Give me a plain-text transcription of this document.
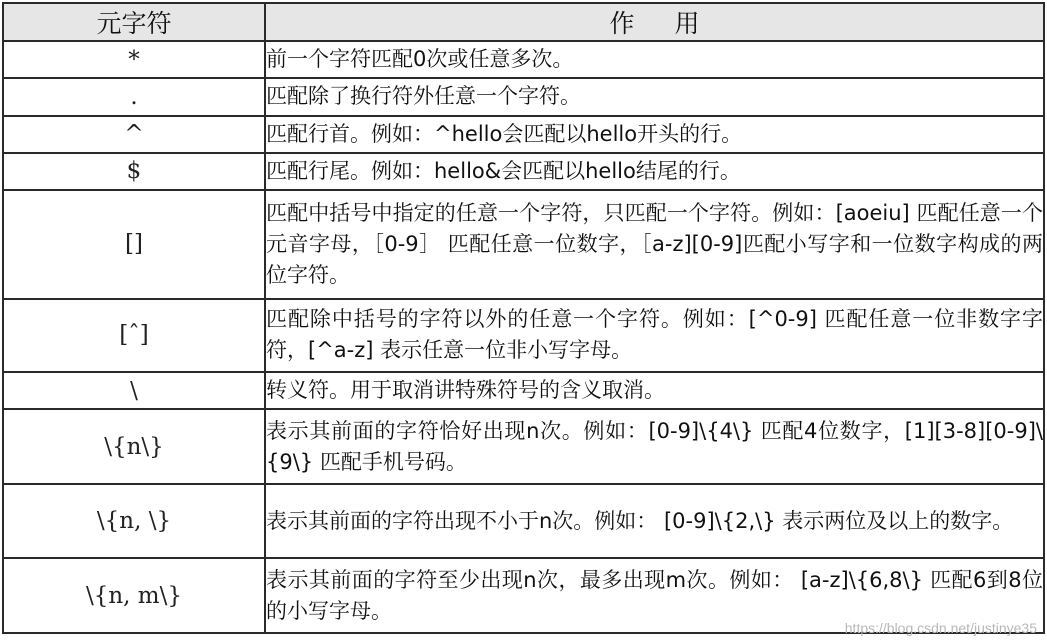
元字符	作用
*	前一个字符匹配0次或任意多次。
.	匹配除了换行符外任意一个字符。
^	匹配行首。例如：^hello会匹配以hello开头的行。
$	匹配行尾。例如：hello&会匹配以hello结尾的行。
[]	匹配中括号中指定的任意一个字符，只匹配一个字符。例如：[aoeiu] 匹配任意一个元音字母，［0-9］ 匹配任意一位数字，［a-z][0-9]匹配小写字和一位数字构成的两位字符。
[ˆ]	匹配除中括号的字符以外的任意一个字符。例如：[^0-9] 匹配任意一位非数字字符，[^a-z] 表示任意一位非小写字母。
\	转义符。用于取消讲特殊符号的含义取消。
\{n\}	表示其前面的字符恰好出现n次。例如：[0-9]\{4\} 匹配4位数字，[1][3-8][0-9]\{9\} 匹配手机号码。
\{n, \}	表示其前面的字符出现不小于n次。例如： [0-9]\{2,\} 表示两位及以上的数字。
\{n, m\}	表示其前面的字符至少出现n次，最多出现m次。例如： [a-z]\{6,8\} 匹配6到8位的小写字母。
https://blog.csdn.net/justinye35
